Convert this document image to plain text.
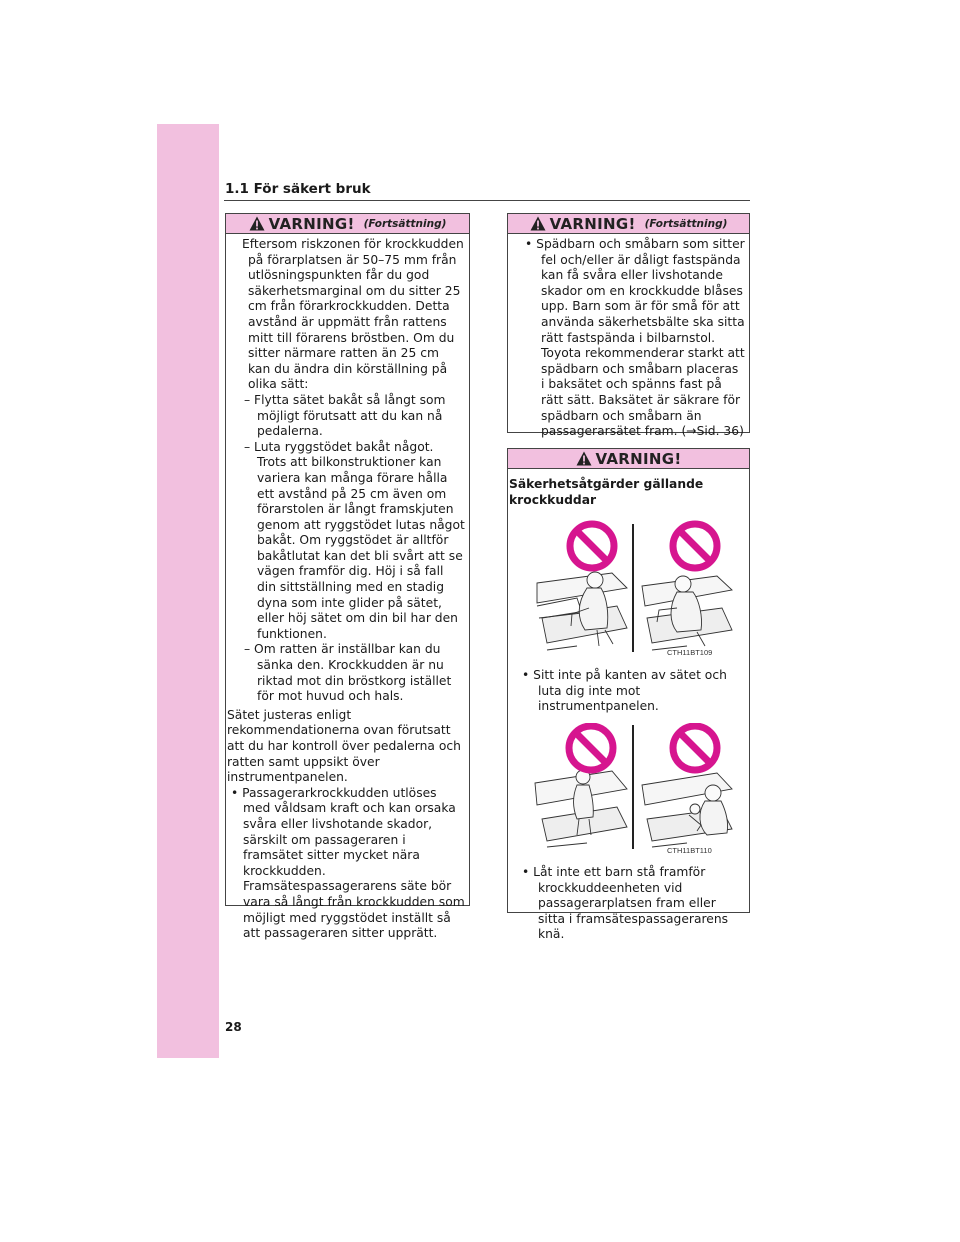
1.1 För säkert bruk
VARNING! (Fortsättning)

Eftersom riskzonen för krockkudden på förarplatsen är 50–75 mm från utlösningspunkten får du god säkerhetsmarginal om du sitter 25 cm från förarkrockkudden. Detta avstånd är uppmätt från rattens mitt till förarens bröstben. Om du sitter närmare ratten än 25 cm kan du ändra din körställning på olika sätt:

– Flytta sätet bakåt så långt som möjligt förutsatt att du kan nå pedalerna.

– Luta ryggstödet bakåt något. Trots att bilkonstruktioner kan variera kan många förare hålla ett avstånd på 25 cm även om förarstolen är långt framskjuten genom att ryggstödet lutas något bakåt. Om ryggstödet är alltför bakåtlutat kan det bli svårt att se vägen framför dig. Höj i så fall din sittställning med en stadig dyna som inte glider på sätet, eller höj sätet om din bil har den funktionen.

– Om ratten är inställbar kan du sänka den. Krockkudden är nu riktad mot din bröstkorg istället för mot huvud och hals.

Sätet justeras enligt rekommendationerna ovan förutsatt att du har kontroll över pedalerna och ratten samt uppsikt över instrumentpanelen.

• Passagerarkrockkudden utlöses med våldsam kraft och kan orsaka svåra eller livshotande skador, särskilt om passageraren i framsätet sitter mycket nära krockkudden. Framsätespassagerarens säte bör vara så långt från krockkudden som möjligt med ryggstödet inställt så att passageraren sitter upprätt.

VARNING! (Fortsättning)

• Spädbarn och småbarn som sitter fel och/eller är dåligt fastspända kan få svåra eller livshotande skador om en krockkudde blåses upp. Barn som är för små för att använda säkerhetsbälte ska sitta rätt fastspända i bilbarnstol. Toyota rekommenderar starkt att spädbarn och småbarn placeras i baksätet och spänns fast på rätt sätt. Baksätet är säkrare för spädbarn och småbarn än passagerarsätet fram. (→Sid. 36)

VARNING!

Säkerhetsåtgärder gällande krockkuddar

CTH11BT109

• Sitt inte på kanten av sätet och luta dig inte mot instrumentpanelen.

CTH11BT110

• Låt inte ett barn stå framför krockkuddeenheten vid passagerarplatsen fram eller sitta i framsätespassagerarens knä.

28
